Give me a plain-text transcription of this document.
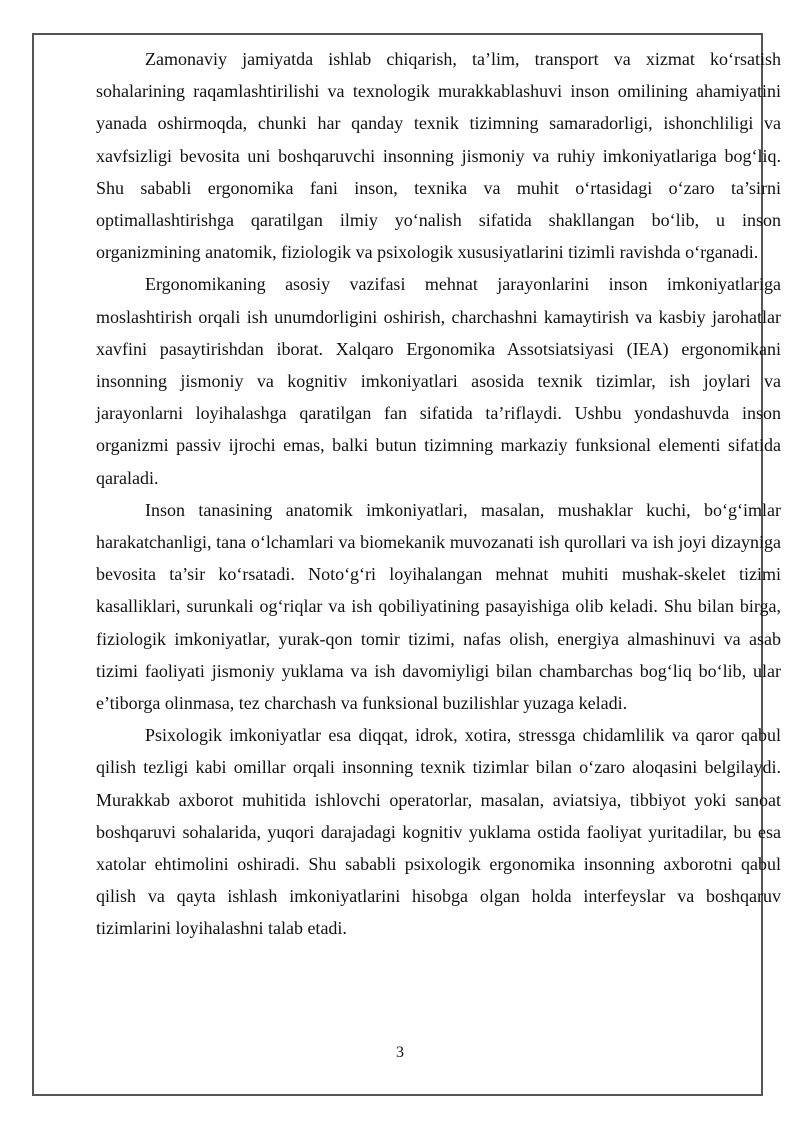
Zamonaviy jamiyatda ishlab chiqarish, ta’lim, transport va xizmat ko‘rsatish sohalarining raqamlashtirilishi va texnologik murakkablashuvi inson omilining ahamiyatini yanada oshirmoqda, chunki har qanday texnik tizimning samaradorligi, ishonchliligi va xavfsizligi bevosita uni boshqaruvchi insonning jismoniy va ruhiy imkoniyatlariga bog‘liq. Shu sababli ergonomika fani inson, texnika va muhit o‘rtasidagi o‘zaro ta’sirni optimallashtirishga qaratilgan ilmiy yo‘nalish sifatida shakllangan bo‘lib, u inson organizmining anatomik, fiziologik va psixologik xususiyatlarini tizimli ravishda o‘rganadi.

Ergonomikaning asosiy vazifasi mehnat jarayonlarini inson imkoniyatlariga moslashtirish orqali ish unumdorligini oshirish, charchashni kamaytirish va kasbiy jarohatlar xavfini pasaytirishdan iborat. Xalqaro Ergonomika Assotsiatsiyasi (IEA) ergonomikani insonning jismoniy va kognitiv imkoniyatlari asosida texnik tizimlar, ish joylari va jarayonlarni loyihalashga qaratilgan fan sifatida ta’riflaydi. Ushbu yondashuvda inson organizmi passiv ijrochi emas, balki butun tizimning markaziy funksional elementi sifatida qaraladi.

Inson tanasining anatomik imkoniyatlari, masalan, mushaklar kuchi, bo‘g‘imlar harakatchanligi, tana o‘lchamlari va biomekanik muvozanati ish qurollari va ish joyi dizayniga bevosita ta’sir ko‘rsatadi. Noto‘g‘ri loyihalangan mehnat muhiti mushak-skelet tizimi kasalliklari, surunkali og‘riqlar va ish qobiliyatining pasayishiga olib keladi. Shu bilan birga, fiziologik imkoniyatlar, yurak-qon tomir tizimi, nafas olish, energiya almashinuvi va asab tizimi faoliyati jismoniy yuklama va ish davomiyligi bilan chambarchas bog‘liq bo‘lib, ular e’tiborga olinmasa, tez charchash va funksional buzilishlar yuzaga keladi.

Psixologik imkoniyatlar esa diqqat, idrok, xotira, stressga chidamlilik va qaror qabul qilish tezligi kabi omillar orqali insonning texnik tizimlar bilan o‘zaro aloqasini belgilaydi. Murakkab axborot muhitida ishlovchi operatorlar, masalan, aviatsiya, tibbiyot yoki sanoat boshqaruvi sohalarida, yuqori darajadagi kognitiv yuklama ostida faoliyat yuritadilar, bu esa xatolar ehtimolini oshiradi. Shu sababli psixologik ergonomika insonning axborotni qabul qilish va qayta ishlash imkoniyatlarini hisobga olgan holda interfeyslar va boshqaruv tizimlarini loyihalashni talab etadi.

3
